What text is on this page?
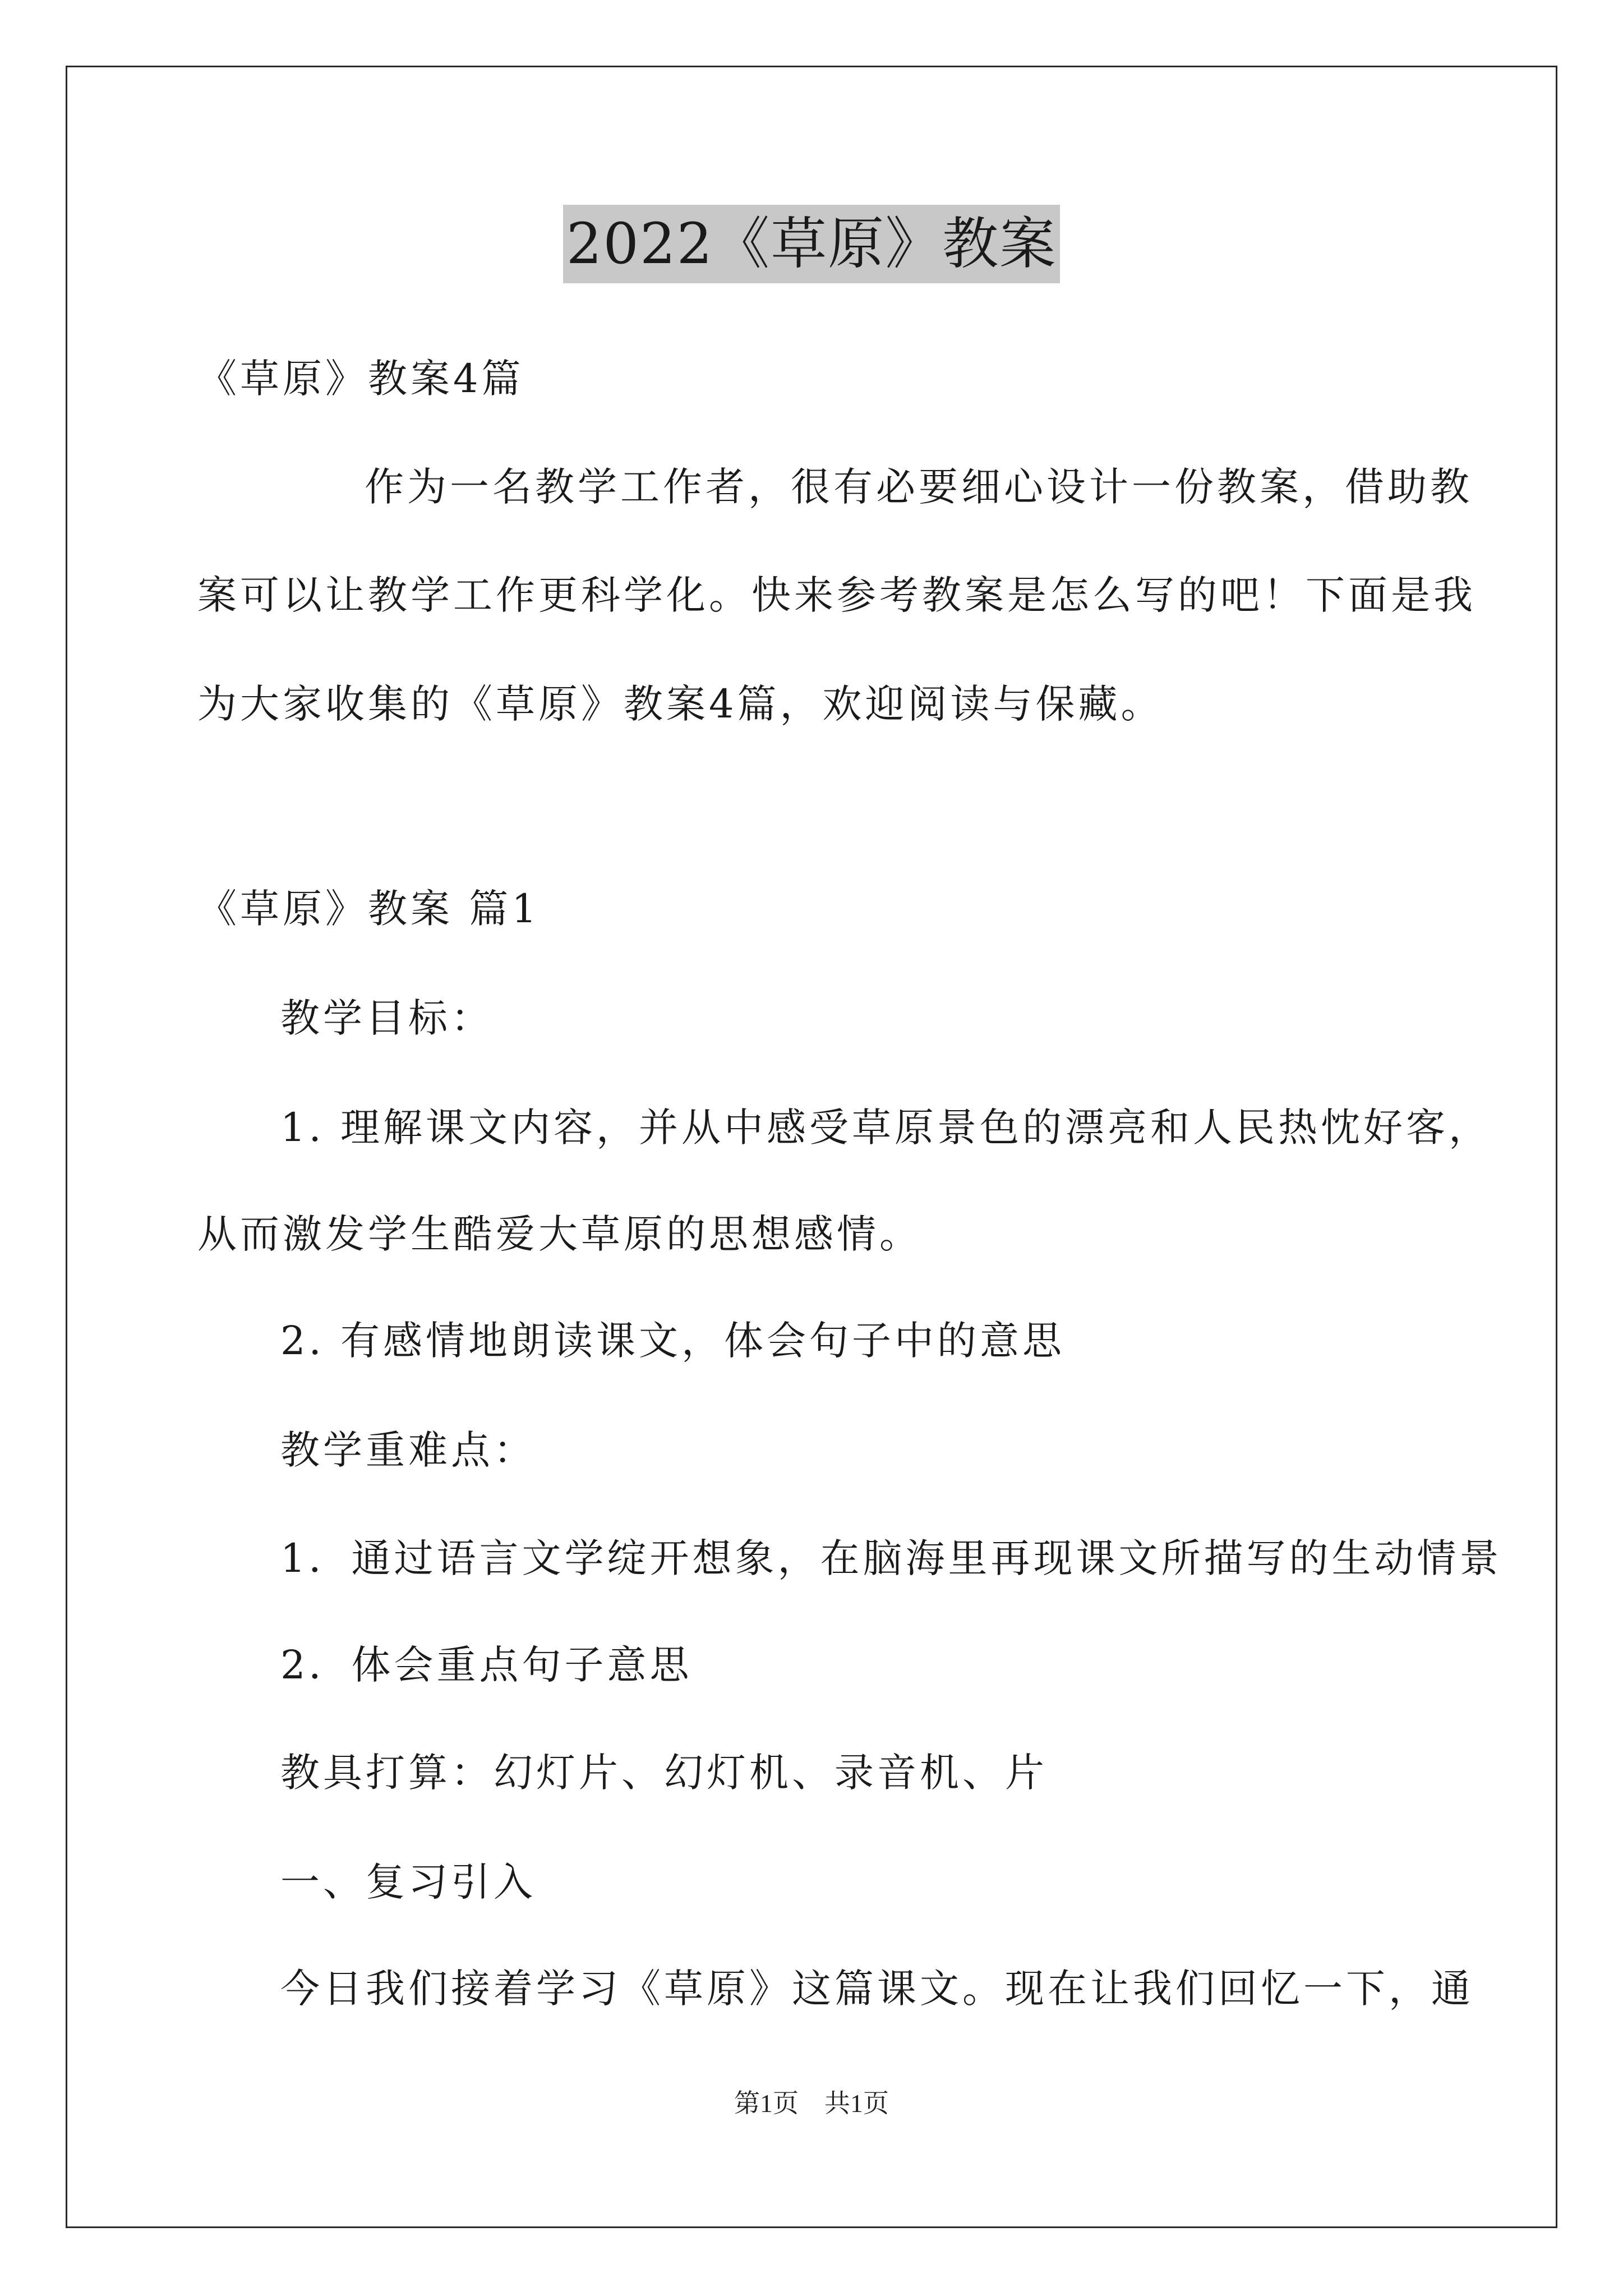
2022《草原》教案
《草原》教案4篇
作为一名教学工作者，很有必要细心设计一份教案，借助教
案可以让教学工作更科学化。快来参考教案是怎么写的吧！下面是我
为大家收集的《草原》教案4篇，欢迎阅读与保藏。
《草原》教案 篇1
教学目标：
1. 理解课文内容，并从中感受草原景色的漂亮和人民热忱好客，
从而激发学生酷爱大草原的思想感情。
2. 有感情地朗读课文，体会句子中的意思
教学重难点：
1．通过语言文学绽开想象，在脑海里再现课文所描写的生动情景
2．体会重点句子意思
教具打算：幻灯片、幻灯机、录音机、片
一、复习引入
今日我们接着学习《草原》这篇课文。现在让我们回忆一下，通
第1页 共1页
